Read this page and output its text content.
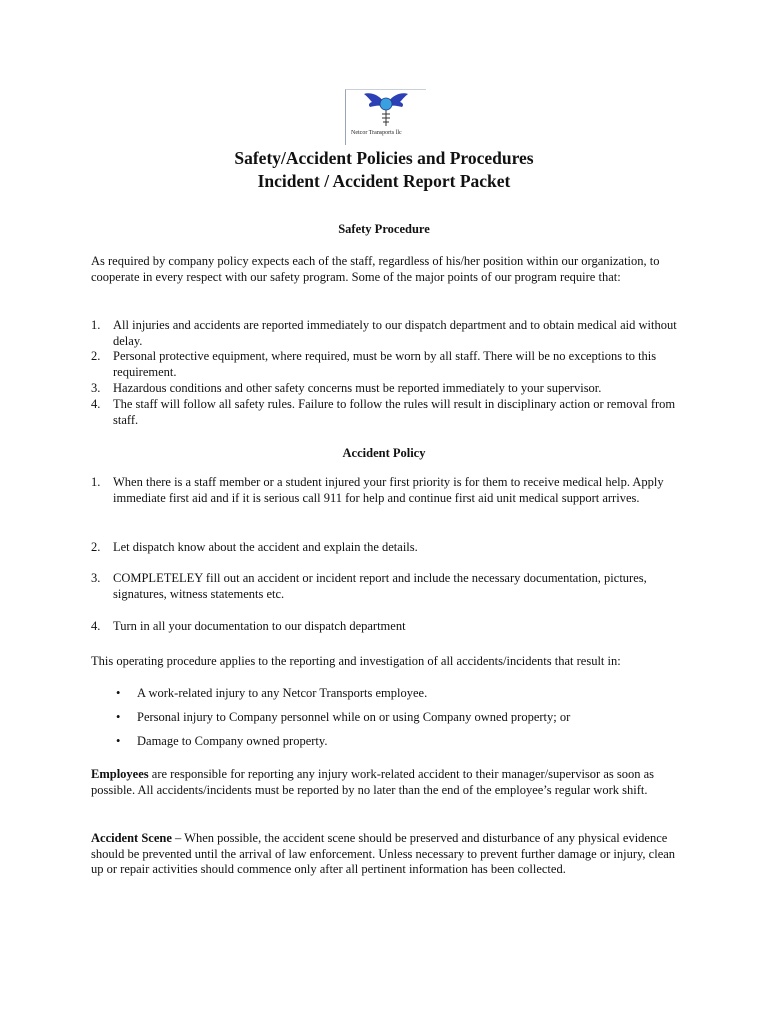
Netcor Transports llc
Safety/Accident Policies and Procedures
Incident / Accident Report Packet
Safety Procedure
As required by company policy expects each of the staff, regardless of his/her position within our organization, to cooperate in every respect with our safety program. Some of the major points of our program require that:
1.	All injuries and accidents are reported immediately to our dispatch department and to obtain medical aid without delay.
2.	Personal protective equipment, where required, must be worn by all staff. There will be no exceptions to this requirement.
3.	Hazardous conditions and other safety concerns must be reported immediately to your supervisor.
4.	The staff will follow all safety rules. Failure to follow the rules will result in disciplinary action or removal from staff.
Accident Policy
1.	When there is a staff member or a student injured your first priority is for them to receive medical help. Apply immediate first aid and if it is serious call 911 for help and continue first aid unit medical support arrives.
2.	Let dispatch know about the accident and explain the details.
3.	COMPLETELEY fill out an accident or incident report and include the necessary documentation, pictures, signatures, witness statements etc.
4.	Turn in all your documentation to our dispatch department
This operating procedure applies to the reporting and investigation of all accidents/incidents that result in:
• A work-related injury to any Netcor Transports employee.
• Personal injury to Company personnel while on or using Company owned property; or
• Damage to Company owned property.
Employees are responsible for reporting any injury work-related accident to their manager/supervisor as soon as possible. All accidents/incidents must be reported by no later than the end of the employee’s regular work shift.
Accident Scene – When possible, the accident scene should be preserved and disturbance of any physical evidence should be prevented until the arrival of law enforcement. Unless necessary to prevent further damage or injury, clean up or repair activities should commence only after all pertinent information has been collected.
